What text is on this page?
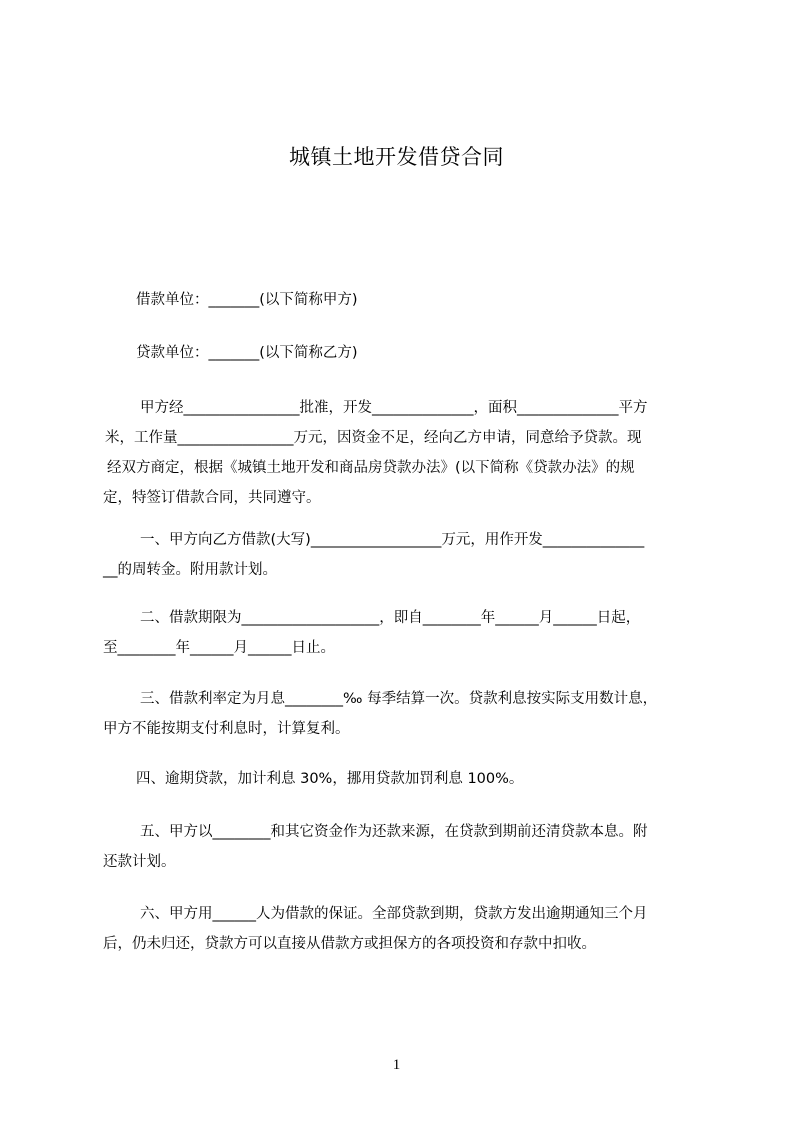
城镇土地开发借贷合同
借款单位：_______(以下简称甲方)
贷款单位：_______(以下简称乙方)
甲方经________________批准，开发______________，面积______________平方
米，工作量________________万元，因资金不足，经向乙方申请，同意给予贷款。现
经双方商定，根据《城镇土地开发和商品房贷款办法》(以下简称《贷款办法》的规
定，特签订借款合同，共同遵守。
一、甲方向乙方借款(大写)__________________万元，用作开发______________
__的周转金。附用款计划。
二、借款期限为___________________，即自________年______月______日起，
至________年______月______日止。
三、借款利率定为月息________‰ 每季结算一次。贷款利息按实际支用数计息，
甲方不能按期支付利息时，计算复利。
四、逾期贷款，加计利息 30%，挪用贷款加罚利息 100%。
五、甲方以________和其它资金作为还款来源，在贷款到期前还清贷款本息。附
还款计划。
六、甲方用______人为借款的保证。全部贷款到期，贷款方发出逾期通知三个月
后，仍未归还，贷款方可以直接从借款方或担保方的各项投资和存款中扣收。
1
